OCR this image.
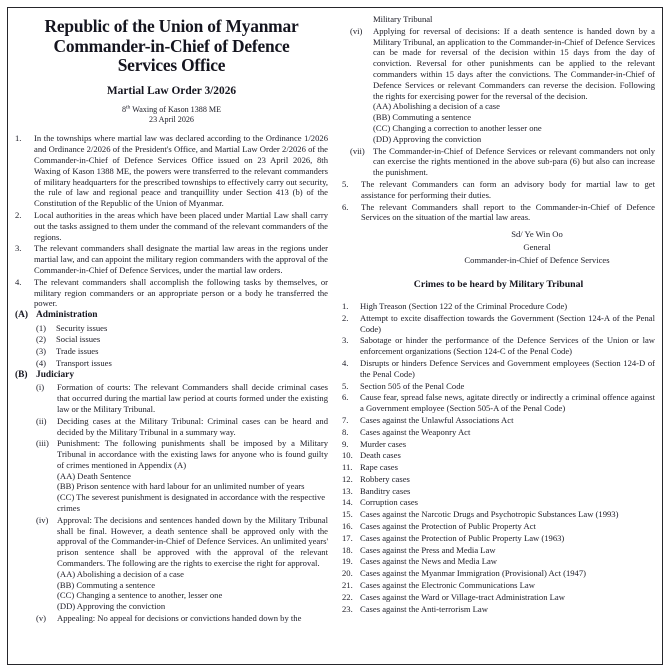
Republic of the Union of Myanmar
Commander-in-Chief of Defence
Services Office
Martial Law Order 3/2026
8th Waxing of Kason 1388 ME
23 April 2026
1.	In the townships where martial law was declared according to the Ordinance 1/2026 and Ordinance 2/2026 of the President's Office, and Martial Law Order 2/2026 of the Commander-in-Chief of Defence Services Office issued on 23 April 2026, 8th Waxing of Kason 1388 ME, the powers were transferred to the relevant commanders of military headquarters for the prescribed townships to effectively carry out security, the rule of law and regional peace and tranquillity under Section 413 (b) of the Constitution of the Republic of the Union of Myanmar.
2.	Local authorities in the areas which have been placed under Martial Law shall carry out the tasks assigned to them under the command of the relevant commanders of the regions.
3.	The relevant commanders shall designate the martial law areas in the regions under martial law, and can appoint the military region commanders with the approval of the Commander-in-Chief of Defence Services, under the martial law orders.
4.	The relevant commanders shall accomplish the following tasks by themselves, or military region commanders or an appropriate person or a body he transferred the power.
(A) Administration
(1)	Security issues
(2)	Social issues
(3)	Trade issues
(4)	Transport issues
(B) Judiciary
(i)	Formation of courts: The relevant Commanders shall decide criminal cases that occurred during the martial law period at courts formed under the existing law or the Military Tribunal.
(ii)	Deciding cases at the Military Tribunal: Criminal cases can be heard and decided by the Military Tribunal in a summary way.
(iii) Punishment: The following punishments shall be imposed by a Military Tribunal in accordance with the existing laws for anyone who is found guilty of crimes mentioned in Appendix (A)
(AA) Death Sentence
(BB) Prison sentence with hard labour for an unlimited number of years
(CC) The severest punishment is designated in accordance with the respective crimes
(iv) Approval: The decisions and sentences handed down by the Military Tribunal shall be final. However, a death sentence shall be approved only with the approval of the Commander-in-Chief of Defence Services. An unlimited years' prison sentence shall be approved with the approval of the relevant Commanders. The following are the rights to exercise the right for approval.
(AA) Abolishing a decision of a case
(BB) Commuting a sentence
(CC) Changing a sentence to another, lesser one
(DD) Approving the conviction
(v)	Appealing: No appeal for decisions or convictions handed down by the
Military Tribunal
(vi)	Applying for reversal of decisions: If a death sentence is handed down by a Military Tribunal, an application to the Commander-in-Chief of Defence Services can be made for reversal of the decision within 15 days from the day of conviction. Reversal for other punishments can be applied to the relevant commanders within 15 days after the convictions. The Commander-in-Chief of Defence Services or relevant Commanders can reverse the decision. Following the rights for exercising power for the reversal of the decision.
(AA) Abolishing a decision of a case
(BB) Commuting a sentence
(CC) Changing a correction to another lesser one
(DD) Approving the conviction
(vii) The Commander-in-Chief of Defence Services or relevant commanders not only can exercise the rights mentioned in the above sub-para (6) but also can increase the punishment.
5.	The relevant Commanders can form an advisory body for martial law to get assistance for performing their duties.
6.	The relevant Commanders shall report to the Commander-in-Chief of Defence Services on the situation of the martial law areas.
Sd/ Ye Win Oo
General
Commander-in-Chief of Defence Services
Crimes to be heard by Military Tribunal
1.	High Treason (Section 122 of the Criminal Procedure Code)
2.	Attempt to excite disaffection towards the Government (Section 124-A of the Penal Code)
3.	Sabotage or hinder the performance of the Defence Services of the Union or law enforcement organizations (Section 124-C of the Penal Code)
4.	Disrupts or hinders Defence Services and Government employees (Section 124-D of the Penal Code)
5.	Section 505 of the Penal Code
6.	Cause fear, spread false news, agitate directly or indirectly a criminal offence against a Government employee (Section 505-A of the Penal Code)
7.	Cases against the Unlawful Associations Act
8.	Cases against the Weaponry Act
9.	Murder cases
10. Death cases
11. Rape cases
12. Robbery cases
13. Banditry cases
14. Corruption cases
15. Cases against the Narcotic Drugs and Psychotropic Substances Law (1993)
16. Cases against the Protection of Public Property Act
17. Cases against the Protection of Public Property Law (1963)
18. Cases against the Press and Media Law
19. Cases against the News and Media Law
20. Cases against the Myanmar Immigration (Provisional) Act (1947)
21. Cases against the Electronic Communications Law
22. Cases against the Ward or Village-tract Administration Law
23. Cases against the Anti-terrorism Law
